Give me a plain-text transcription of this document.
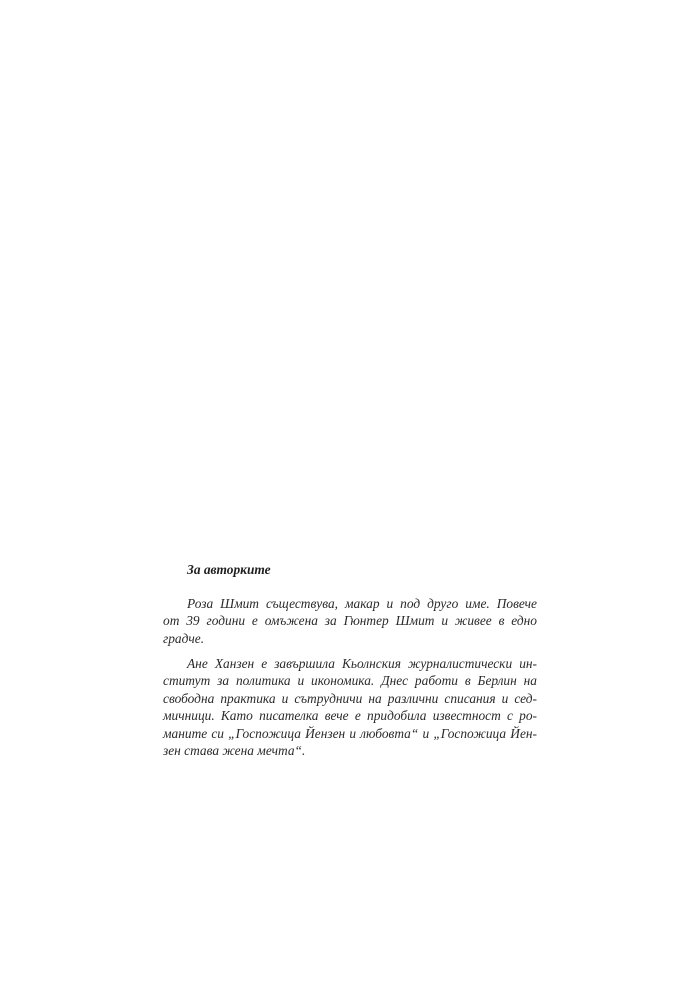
За авторките
Роза Шмит съществува, макар и под друго име. Повече
от 39 години е омъжена за Гюнтер Шмит и живее в едно
градче.
Ане Ханзен е завършила Кьолнския журналистически ин-
ститут за политика и икономика. Днес работи в Берлин на
свободна практика и сътрудничи на различни списания и сед-
мичници. Като писателка вече е придобила известност с ро-
маните си „Госпожица Йензен и любовта“ и „Госпожица Йен-
зен става жена мечта“.
